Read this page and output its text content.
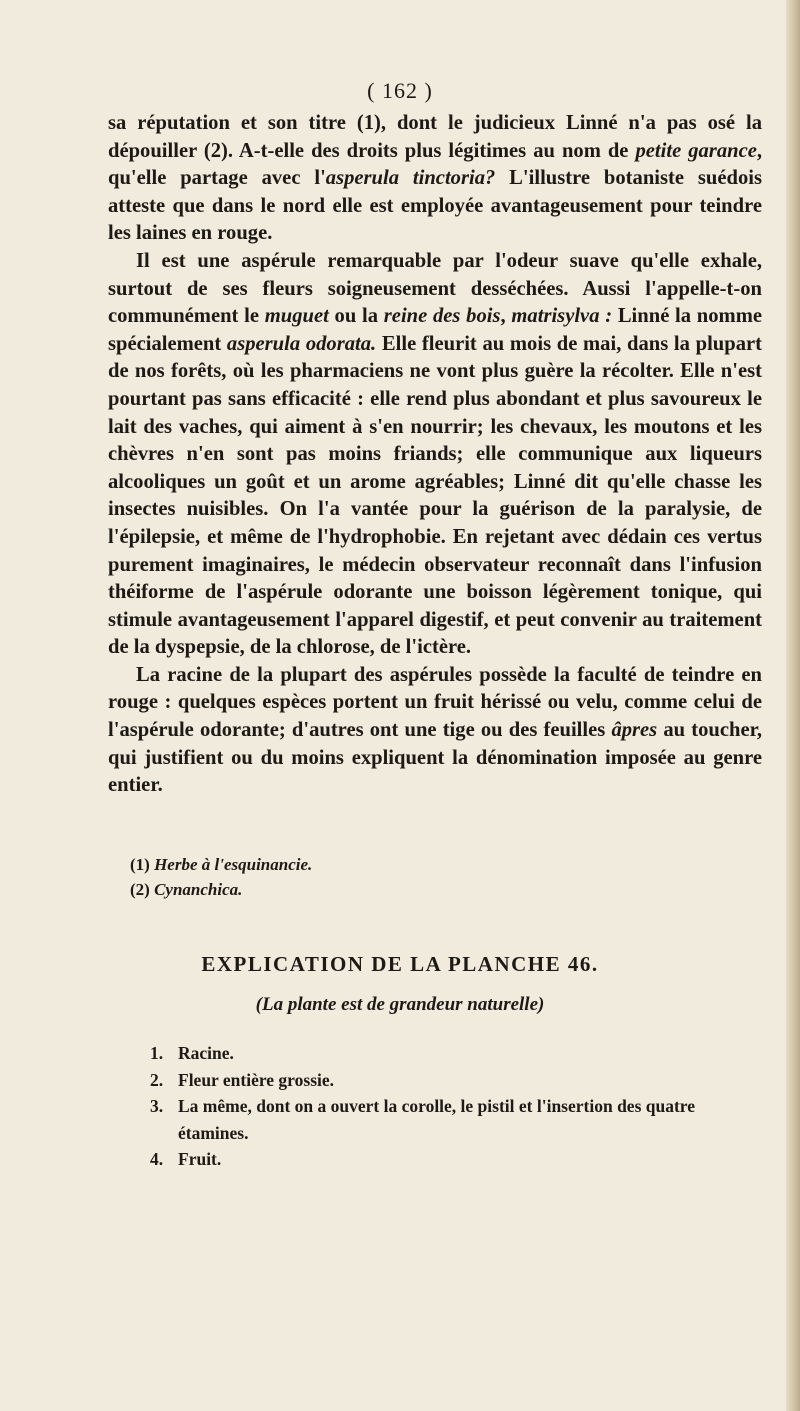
( 162 )

sa réputation et son titre (1), dont le judicieux Linné n'a pas osé la dépouiller (2). A-t-elle des droits plus légitimes au nom de petite garance, qu'elle partage avec l'asperula tinctoria? L'illustre botaniste suédois atteste que dans le nord elle est employée avantageusement pour teindre les laines en rouge.

Il est une aspérule remarquable par l'odeur suave qu'elle exhale, surtout de ses fleurs soigneusement desséchées. Aussi l'appelle-t-on communément le muguet ou la reine des bois, matrisylva : Linné la nomme spécialement asperula odorata. Elle fleurit au mois de mai, dans la plupart de nos forêts, où les pharmaciens ne vont plus guère la récolter. Elle n'est pourtant pas sans efficacité : elle rend plus abondant et plus savoureux le lait des vaches, qui aiment à s'en nourrir; les chevaux, les moutons et les chèvres n'en sont pas moins friands; elle communique aux liqueurs alcooliques un goût et un arome agréables; Linné dit qu'elle chasse les insectes nuisibles. On l'a vantée pour la guérison de la paralysie, de l'épilepsie, et même de l'hydrophobie. En rejetant avec dédain ces vertus purement imaginaires, le médecin observateur reconnaît dans l'infusion théiforme de l'aspérule odorante une boisson légèrement tonique, qui stimule avantageusement l'apparel digestif, et peut convenir au traitement de la dyspepsie, de la chlorose, de l'ictère.

La racine de la plupart des aspérules possède la faculté de teindre en rouge : quelques espèces portent un fruit hérissé ou velu, comme celui de l'aspérule odorante; d'autres ont une tige ou des feuilles âpres au toucher, qui justifient ou du moins expliquent la dénomination imposée au genre entier.

(1) Herbe à l'esquinancie.
(2) Cynanchica.
EXPLICATION DE LA PLANCHE 46.
(La plante est de grandeur naturelle)
1. Racine.
2. Fleur entière grossie.
3. La même, dont on a ouvert la corolle, le pistil et l'insertion des quatre étamines.
4. Fruit.
